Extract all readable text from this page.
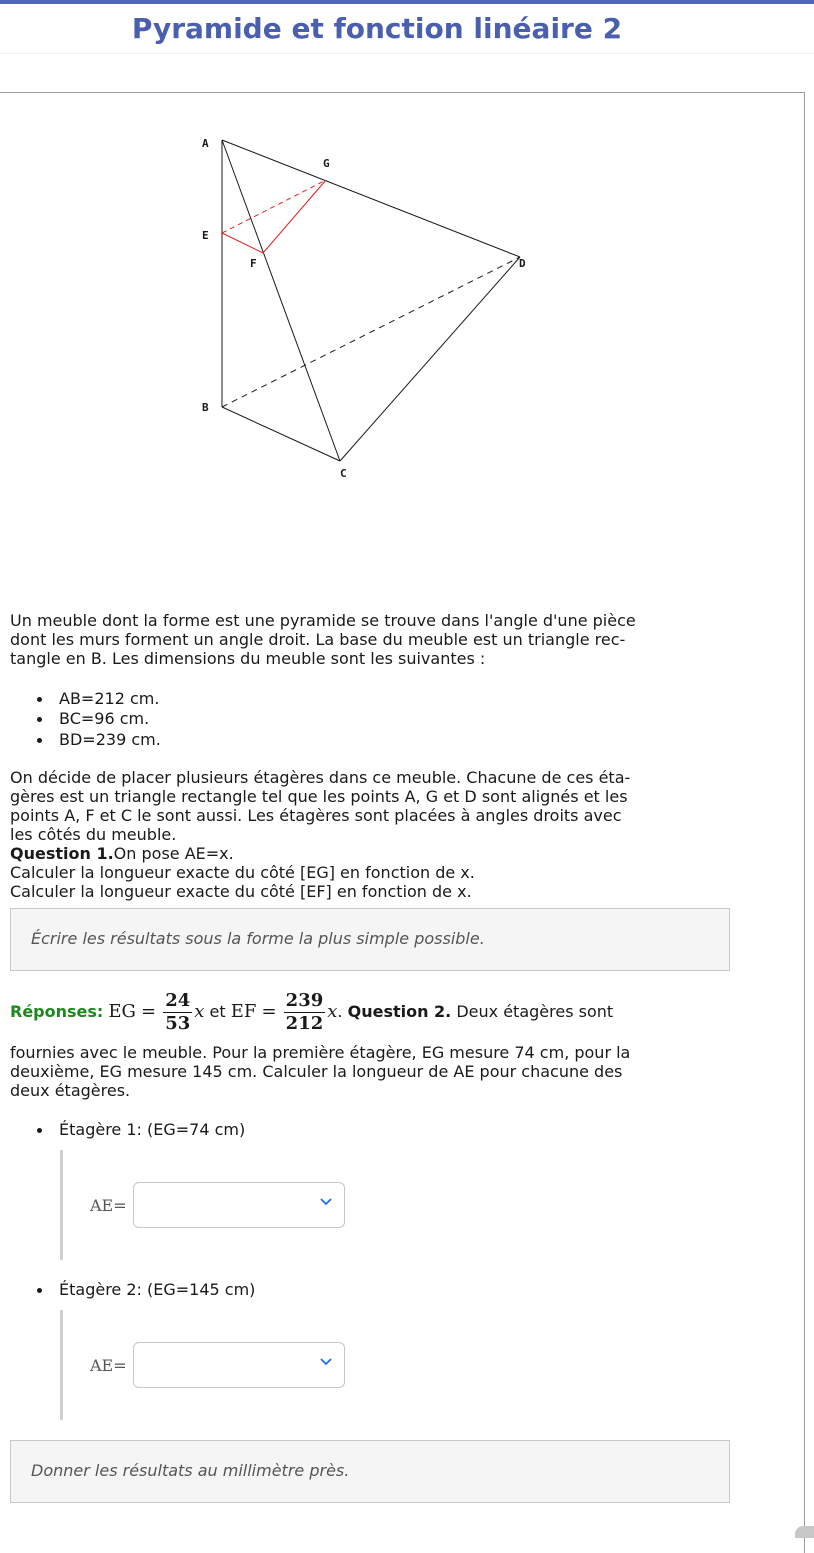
Pyramide et fonction linéaire 2
A
G
E
F	D
B
C

Un meuble dont la forme est une pyramide se trouve dans l'angle d'une pièce
dont les murs forment un angle droit. La base du meuble est un triangle rec-
tangle en B. Les dimensions du meuble sont les suivantes :

AB=212 cm.
BC=96 cm.
BD=239 cm.

On décide de placer plusieurs étagères dans ce meuble. Chacune de ces éta-
gères est un triangle rectangle tel que les points A, G et D sont alignés et les
points A, F et C le sont aussi. Les étagères sont placées à angles droits avec
les côtés du meuble.
Question 1.On pose AE=x.
Calculer la longueur exacte du côté [EG] en fonction de x.
Calculer la longueur exacte du côté [EF] en fonction de x.

Écrire les résultats sous la forme la plus simple possible.
Réponses: EG = $\frac{24}{53}$ x et EF = $\frac{239}{212} x$. Question 2. Deux étagères sont

fournies avec le meuble. Pour la première étagère, EG mesure 74 cm, pour la
deuxième, EG mesure 145 cm. Calculer la longueur de AE pour chacune des
deux étagères.

Étagère 1: (EG=74 cm)
Étagère 2: (EG=145 cm)
AE=
AE=
Donner les résultats au millimètre près.
